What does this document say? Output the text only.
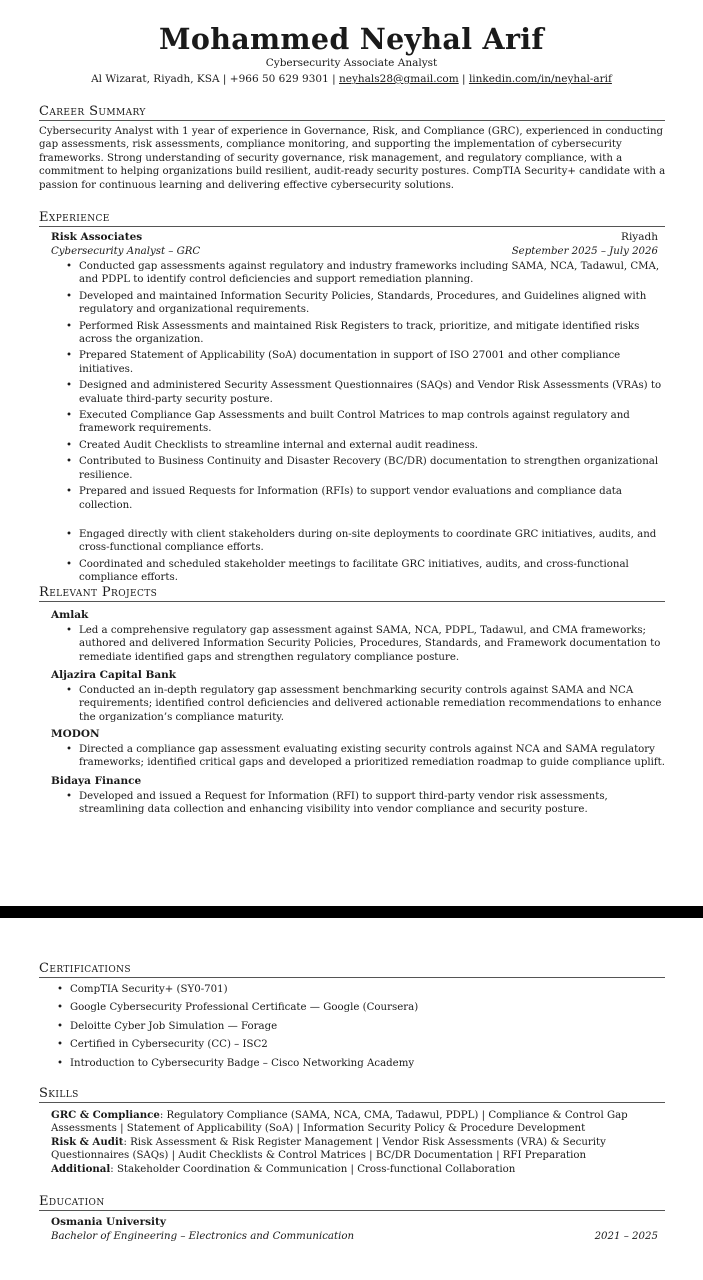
Mohammed Neyhal Arif
Cybersecurity Associate Analyst
Al Wizarat, Riyadh, KSA | +966 50 629 9301 | neyhals28@gmail.com | linkedin.com/in/neyhal-arif
Career Summary

Cybersecurity Analyst with 1 year of experience in Governance, Risk, and Compliance (GRC), experienced in conducting gap assessments, risk assessments, compliance monitoring, and supporting the implementation of cybersecurity frameworks. Strong understanding of security governance, risk management, and regulatory compliance, with a commitment to helping organizations build resilient, audit-ready security postures. CompTIA Security+ candidate with a passion for continuous learning and delivering effective cybersecurity solutions.

Experience
Risk Associates	Riyadh
Cybersecurity Analyst – GRC	September 2025 – July 2026
• Conducted gap assessments against regulatory and industry frameworks including SAMA, NCA, Tadawul, CMA, and PDPL to identify control deficiencies and support remediation planning.
• Developed and maintained Information Security Policies, Standards, Procedures, and Guidelines aligned with regulatory and organizational requirements.
• Performed Risk Assessments and maintained Risk Registers to track, prioritize, and mitigate identified risks across the organization.
• Prepared Statement of Applicability (SoA) documentation in support of ISO 27001 and other compliance initiatives.
• Designed and administered Security Assessment Questionnaires (SAQs) and Vendor Risk Assessments (VRAs) to evaluate third-party security posture.
• Executed Compliance Gap Assessments and built Control Matrices to map controls against regulatory and framework requirements.
• Created Audit Checklists to streamline internal and external audit readiness.
• Contributed to Business Continuity and Disaster Recovery (BC/DR) documentation to strengthen organizational resilience.
• Prepared and issued Requests for Information (RFIs) to support vendor evaluations and compliance data collection.
• Engaged directly with client stakeholders during on-site deployments to coordinate GRC initiatives, audits, and cross-functional compliance efforts.
• Coordinated and scheduled stakeholder meetings to facilitate GRC initiatives, audits, and cross-functional compliance efforts.
Relevant Projects
Amlak
• Led a comprehensive regulatory gap assessment against SAMA, NCA, PDPL, Tadawul, and CMA frameworks; authored and delivered Information Security Policies, Procedures, Standards, and Framework documentation to remediate identified gaps and strengthen regulatory compliance posture.
Aljazira Capital Bank
• Conducted an in-depth regulatory gap assessment benchmarking security controls against SAMA and NCA requirements; identified control deficiencies and delivered actionable remediation recommendations to enhance the organization’s compliance maturity.
MODON
• Directed a compliance gap assessment evaluating existing security controls against NCA and SAMA regulatory frameworks; identified critical gaps and developed a prioritized remediation roadmap to guide compliance uplift.
Bidaya Finance
• Developed and issued a Request for Information (RFI) to support third-party vendor risk assessments, streamlining data collection and enhancing visibility into vendor compliance and security posture.
Certifications
• CompTIA Security+ (SY0-701)
• Google Cybersecurity Professional Certificate — Google (Coursera)
• Deloitte Cyber Job Simulation — Forage
• Certified in Cybersecurity (CC) – ISC2
• Introduction to Cybersecurity Badge – Cisco Networking Academy
Skills
GRC & Compliance: Regulatory Compliance (SAMA, NCA, CMA, Tadawul, PDPL) | Compliance & Control Gap Assessments | Statement of Applicability (SoA) | Information Security Policy & Procedure Development
Risk & Audit: Risk Assessment & Risk Register Management | Vendor Risk Assessments (VRA) & Security Questionnaires (SAQs) | Audit Checklists & Control Matrices | BC/DR Documentation | RFI Preparation
Additional: Stakeholder Coordination & Communication | Cross-functional Collaboration
Education
Osmania University
Bachelor of Engineering – Electronics and Communication	2021 – 2025
